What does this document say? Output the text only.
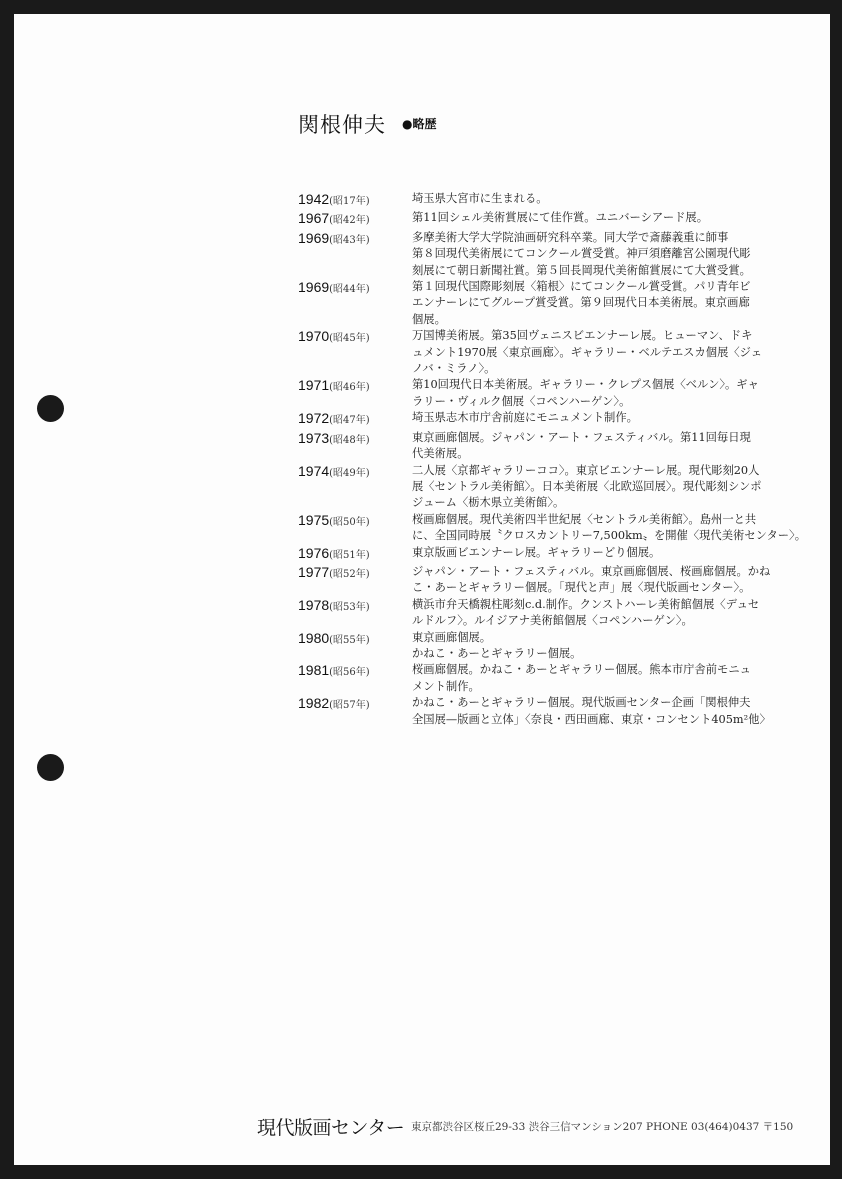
関根伸夫 ●略歴
1942(昭17年)	埼玉県大宮市に生まれる。
1967(昭42年)	第11回シェル美術賞展にて佳作賞。ユニバーシアード展。
1969(昭43年)	多摩美術大学大学院油画研究科卒業。同大学で斎藤義重に師事
第８回現代美術展にてコンクール賞受賞。神戸須磨離宮公園現代彫
刻展にて朝日新聞社賞。第５回長岡現代美術館賞展にて大賞受賞。
1969(昭44年)	第１回現代国際彫刻展〈箱根〉にてコンクール賞受賞。パリ青年ビ
エンナーレにてグループ賞受賞。第９回現代日本美術展。東京画廊
個展。
1970(昭45年)	万国博美術展。第35回ヴェニスビエンナーレ展。ヒューマン、ドキ
ュメント1970展〈東京画廊〉。ギャラリー・ベルテエスカ個展〈ジェ
ノバ・ミラノ〉。
1971(昭46年)	第10回現代日本美術展。ギャラリー・クレプス個展〈ベルン〉。ギャ
ラリー・ヴィルク個展〈コペンハーゲン〉。
1972(昭47年)	埼玉県志木市庁舎前庭にモニュメント制作。
1973(昭48年)	東京画廊個展。ジャパン・アート・フェスティバル。第11回毎日現
代美術展。
1974(昭49年)	二人展〈京都ギャラリーココ〉。東京ビエンナーレ展。現代彫刻20人
展〈セントラル美術館〉。日本美術展〈北欧巡回展〉。現代彫刻シンポ
ジューム〈栃木県立美術館〉。
1975(昭50年)	桜画廊個展。現代美術四半世紀展〈セントラル美術館〉。島州一と共
に、全国同時展〝クロスカントリー7,500km〟を開催〈現代美術センター〉。
1976(昭51年)	東京版画ビエンナーレ展。ギャラリーどり個展。
1977(昭52年)	ジャパン・アート・フェスティバル。東京画廊個展、桜画廊個展。かね
こ・あーとギャラリー個展。「現代と声」展〈現代版画センター〉。
1978(昭53年)	横浜市弁天橋親柱彫刻c.d.制作。クンストハーレ美術館個展〈デュセ
ルドルフ〉。ルイジアナ美術館個展〈コペンハーゲン〉。
1980(昭55年)	東京画廊個展。
かねこ・あーとギャラリー個展。
1981(昭56年)	桜画廊個展。かねこ・あーとギャラリー個展。熊本市庁舎前モニュ
メント制作。
1982(昭57年)	かねこ・あーとギャラリー個展。現代版画センター企画「関根伸夫
全国展—版画と立体」〈奈良・西田画廊、東京・コンセント405m²他〉
現代版画センター 東京都渋谷区桜丘29-33 渋谷三信マンション207 PHONE 03(464)0437 〒150
